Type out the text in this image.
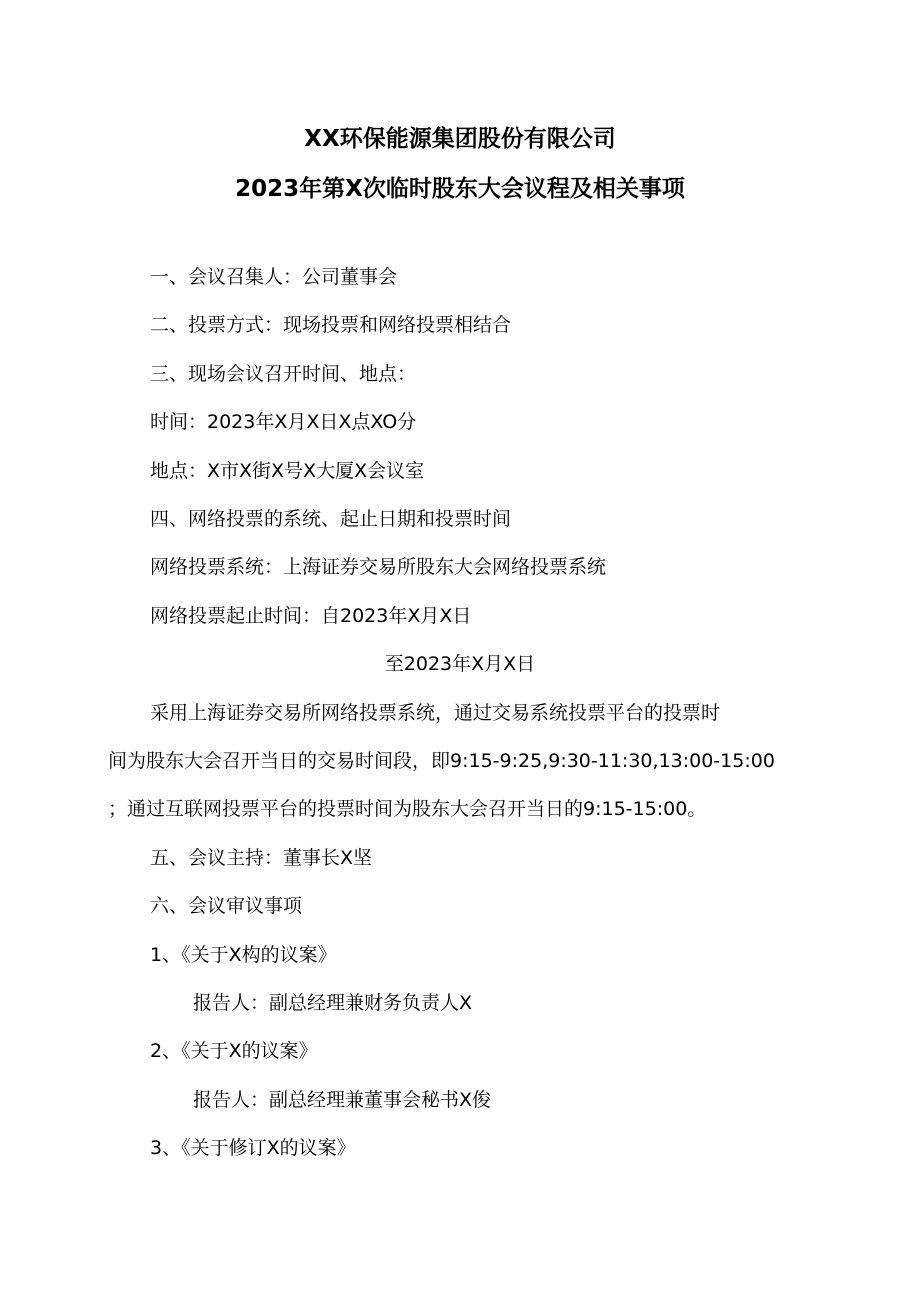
XX环保能源集团股份有限公司
2023年第X次临时股东大会议程及相关事项
一、会议召集人：公司董事会
二、投票方式：现场投票和网络投票相结合
三、现场会议召开时间、地点：
时间：2023年X月X日X点XO分
地点：X市X街X号X大厦X会议室
四、网络投票的系统、起止日期和投票时间
网络投票系统：上海证券交易所股东大会网络投票系统
网络投票起止时间：自2023年X月X日
至2023年X月X日
采用上海证券交易所网络投票系统，通过交易系统投票平台的投票时
间为股东大会召开当日的交易时间段，即9:15-9:25,9:30-11:30,13:00-15:00
；通过互联网投票平台的投票时间为股东大会召开当日的9:15-15:00。
五、会议主持：董事长X坚
六、会议审议事项
1、《关于X构的议案》
报告人：副总经理兼财务负责人X
2、《关于X的议案》
报告人：副总经理兼董事会秘书X俊
3、《关于修订X的议案》
